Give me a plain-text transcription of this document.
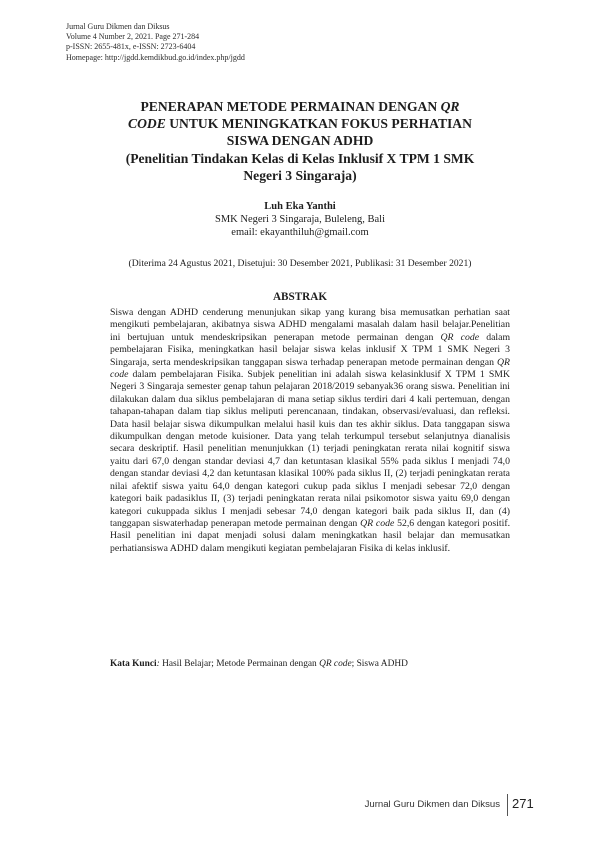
Jurnal Guru Dikmen dan Diksus
Volume 4 Number 2, 2021. Page 271-284
p-ISSN: 2655-481x, e-ISSN: 2723-6404
Homepage: http://jgdd.kemdikbud.go.id/index.php/jgdd
PENERAPAN METODE PERMAINAN DENGAN QR
CODE UNTUK MENINGKATKAN FOKUS PERHATIAN
SISWA DENGAN ADHD
(Penelitian Tindakan Kelas di Kelas Inklusif X TPM 1 SMK
Negeri 3 Singaraja)
Luh Eka Yanthi
SMK Negeri 3 Singaraja, Buleleng, Bali
email: ekayanthiluh@gmail.com
(Diterima 24 Agustus 2021, Disetujui: 30 Desember 2021, Publikasi: 31 Desember 2021)
ABSTRAK
Siswa dengan ADHD cenderung menunjukan sikap yang kurang bisa memusatkan perhatian saat mengikuti pembelajaran, akibatnya siswa ADHD mengalami masalah dalam hasil belajar.Penelitian ini bertujuan untuk mendeskripsikan penerapan metode permainan dengan QR code dalam pembelajaran Fisika, meningkatkan hasil belajar siswa kelas inklusif X TPM 1 SMK Negeri 3 Singaraja, serta mendeskripsikan tanggapan siswa terhadap penerapan metode permainan dengan QR code dalam pembelajaran Fisika. Subjek penelitian ini adalah siswa kelasinklusif X TPM 1 SMK Negeri 3 Singaraja semester genap tahun pelajaran 2018/2019 sebanyak36 orang siswa. Penelitian ini dilakukan dalam dua siklus pembelajaran di mana setiap siklus terdiri dari 4 kali pertemuan, dengan tahapan-tahapan dalam tiap siklus meliputi perencanaan, tindakan, observasi/evaluasi, dan refleksi. Data hasil belajar siswa dikumpulkan melalui hasil kuis dan tes akhir siklus. Data tanggapan siswa dikumpulkan dengan metode kuisioner. Data yang telah terkumpul tersebut selanjutnya dianalisis secara deskriptif. Hasil penelitian menunjukkan (1) terjadi peningkatan rerata nilai kognitif siswa yaitu dari 67,0 dengan standar deviasi 4,7 dan ketuntasan klasikal 55% pada siklus I menjadi 74,0 dengan standar deviasi 4,2 dan ketuntasan klasikal 100% pada siklus II, (2) terjadi peningkatan rerata nilai afektif siswa yaitu 64,0 dengan kategori cukup pada siklus I menjadi sebesar 72,0 dengan kategori baik padasiklus II, (3) terjadi peningkatan rerata nilai psikomotor siswa yaitu 69,0 dengan kategori cukuppada siklus I menjadi sebesar 74,0 dengan kategori baik pada siklus II, dan (4) tanggapan siswaterhadap penerapan metode permainan dengan QR code 52,6 dengan kategori positif. Hasil penelitian ini dapat menjadi solusi dalam meningkatkan hasil belajar dan memusatkan perhatiansiswa ADHD dalam mengikuti kegiatan pembelajaran Fisika di kelas inklusif.
Kata Kunci: Hasil Belajar; Metode Permainan dengan QR code; Siswa ADHD
Jurnal Guru Dikmen dan Diksus 271
